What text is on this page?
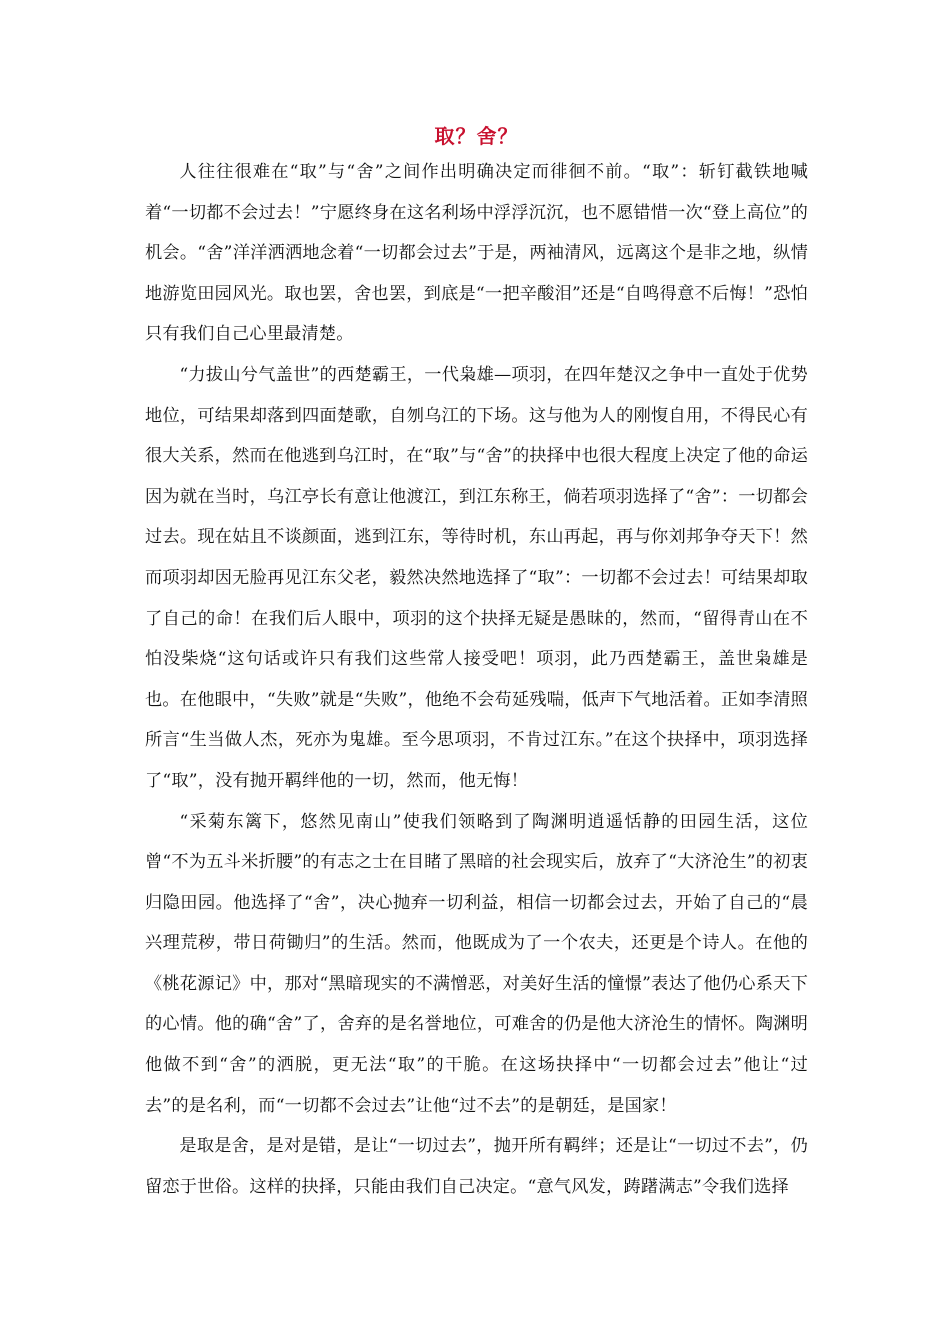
取？舍？

人往往很难在“取”与“舍”之间作出明确决定而徘徊不前。“取”：斩钉截铁地喊着“一切都不会过去！”宁愿终身在这名利场中浮浮沉沉，也不愿错惜一次“登上高位”的机会。“舍”洋洋洒洒地念着“一切都会过去”于是，两袖清风，远离这个是非之地，纵情地游览田园风光。取也罢，舍也罢，到底是“一把辛酸泪”还是“自鸣得意不后悔！”恐怕只有我们自己心里最清楚。

“力拔山兮气盖世”的西楚霸王，一代枭雄—项羽，在四年楚汉之争中一直处于优势地位，可结果却落到四面楚歌，自刎乌江的下场。这与他为人的刚愎自用，不得民心有很大关系，然而在他逃到乌江时，在“取”与“舍”的抉择中也很大程度上决定了他的命运因为就在当时，乌江亭长有意让他渡江，到江东称王，倘若项羽选择了“舍”：一切都会过去。现在姑且不谈颜面，逃到江东，等待时机，东山再起，再与你刘邦争夺天下！然而项羽却因无脸再见江东父老，毅然决然地选择了“取”：一切都不会过去！可结果却取了自己的命！在我们后人眼中，项羽的这个抉择无疑是愚昧的，然而，“留得青山在不怕没柴烧“这句话或许只有我们这些常人接受吧！项羽，此乃西楚霸王，盖世枭雄是也。在他眼中，“失败”就是“失败”，他绝不会苟延残喘，低声下气地活着。正如李清照所言“生当做人杰，死亦为鬼雄。至今思项羽，不肯过江东。”在这个抉择中，项羽选择了“取”，没有抛开羁绊他的一切，然而，他无悔！

“采菊东篱下，悠然见南山”使我们领略到了陶渊明逍遥恬静的田园生活，这位曾“不为五斗米折腰”的有志之士在目睹了黑暗的社会现实后，放弃了“大济沧生”的初衷归隐田园。他选择了“舍”，决心抛弃一切利益，相信一切都会过去，开始了自己的“晨兴理荒秽，带日荷锄归”的生活。然而，他既成为了一个农夫，还更是个诗人。在他的《桃花源记》中，那对“黑暗现实的不满憎恶，对美好生活的憧憬”表达了他仍心系天下的心情。他的确“舍”了，舍弃的是名誉地位，可难舍的仍是他大济沧生的情怀。陶渊明他做不到“舍”的洒脱，更无法“取”的干脆。在这场抉择中“一切都会过去”他让“过去”的是名利，而“一切都不会过去”让他“过不去”的是朝廷，是国家！

是取是舍，是对是错，是让“一切过去”，抛开所有羁绊；还是让“一切过不去”，仍留恋于世俗。这样的抉择，只能由我们自己决定。“意气风发，踌躇满志”令我们选择
